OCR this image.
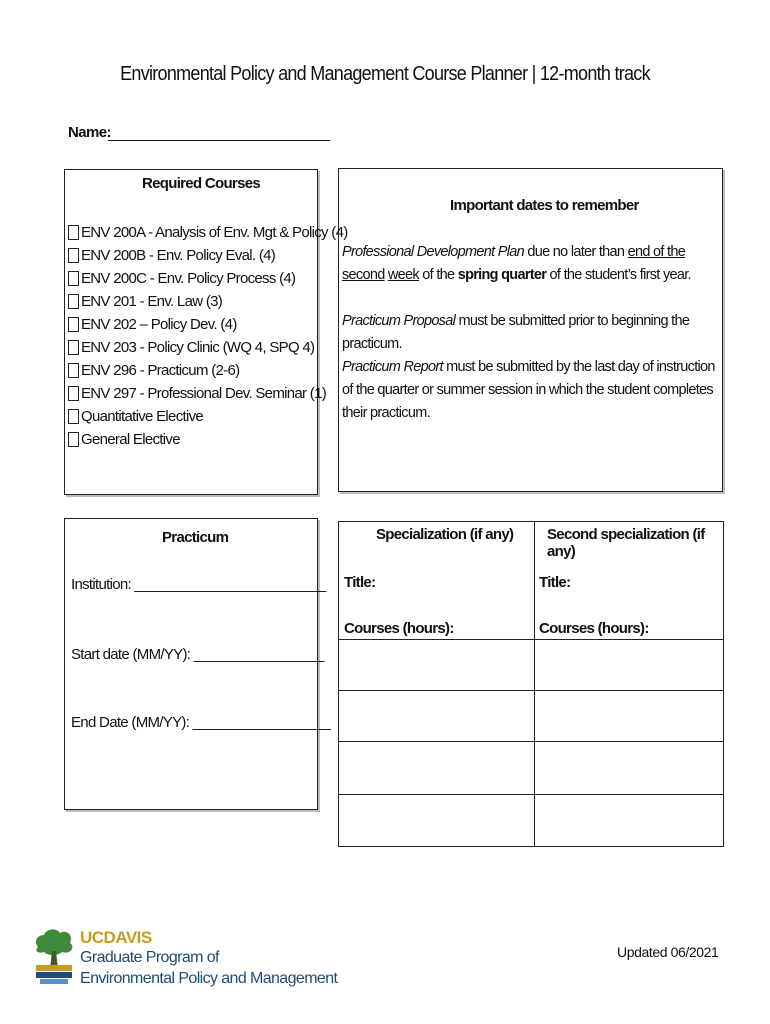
Environmental Policy and Management Course Planner | 12-month track
Name:
Required Courses
ENV 200A - Analysis of Env. Mgt & Policy (4)
ENV 200B - Env. Policy Eval. (4)
ENV 200C - Env. Policy Process (4)
ENV 201 - Env. Law (3)
ENV 202 – Policy Dev. (4)
ENV 203 - Policy Clinic (WQ 4, SPQ 4)
ENV 296 - Practicum (2-6)
ENV 297 - Professional Dev. Seminar (1)
Quantitative Elective
General Elective
Important dates to remember
Professional Development Plan due no later than end of the second week of the spring quarter of the student’s first year.
Practicum Proposal must be submitted prior to beginning the practicum.
Practicum Report must be submitted by the last day of instruction of the quarter or summer session in which the student completes their practicum.
Practicum
Institution: _________________________
Start date (MM/YY): _________________
End Date (MM/YY): __________________
Specialization (if any) Second specialization (if any)
Title:	Title:
Courses (hours):	Courses (hours):
UCDAVIS
Graduate Program of
Environmental Policy and Management
Updated 06/2021
